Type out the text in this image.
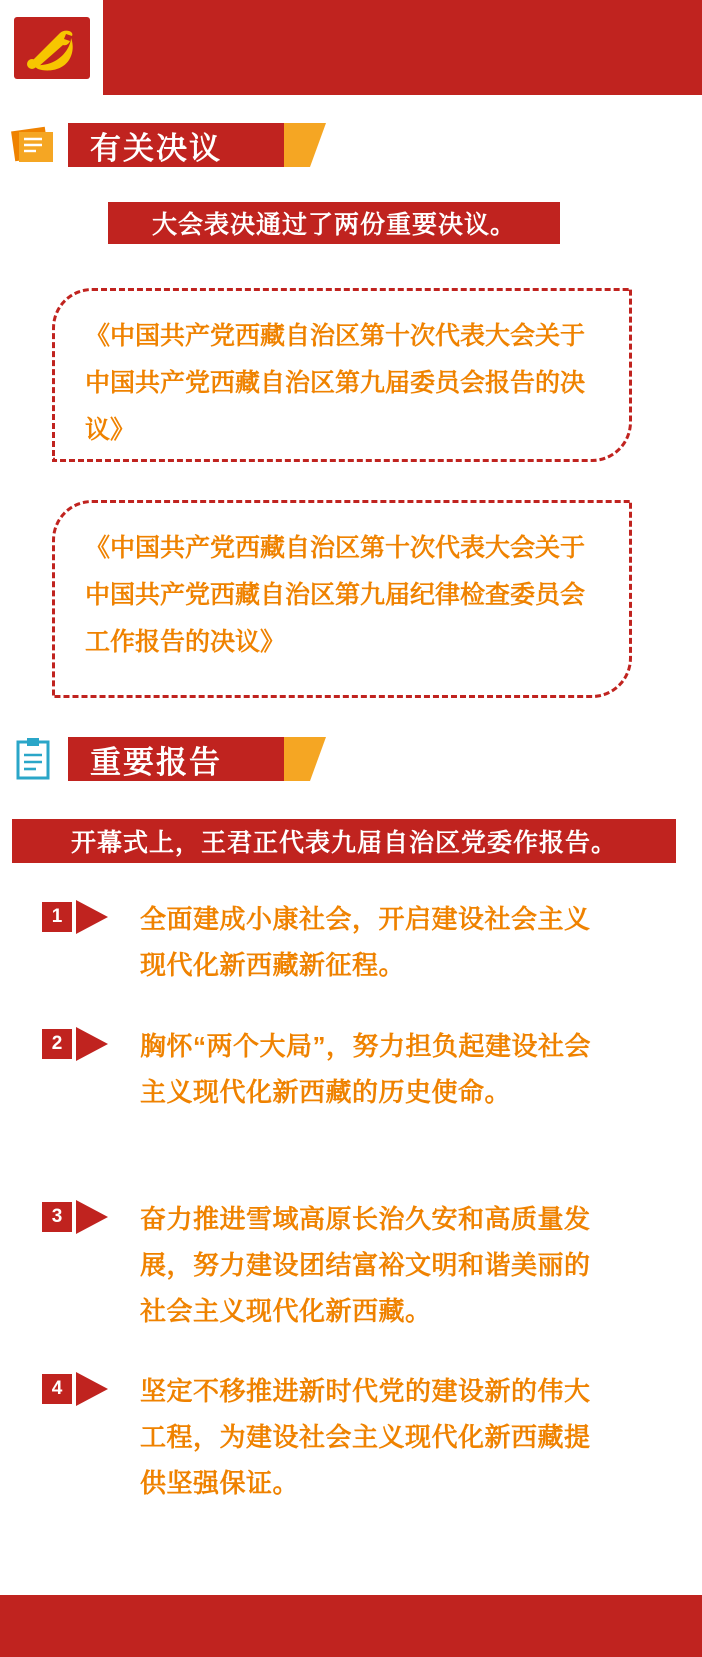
有关决议
大会表决通过了两份重要决议。
《中国共产党西藏自治区第十次代表大会关于中国共产党西藏自治区第九届委员会报告的决议》
《中国共产党西藏自治区第十次代表大会关于中国共产党西藏自治区第九届纪律检查委员会工作报告的决议》
重要报告
开幕式上，王君正代表九届自治区党委作报告。
1	全面建成小康社会，开启建设社会主义现代化新西藏新征程。
2	胸怀“两个大局”，努力担负起建设社会主义现代化新西藏的历史使命。
3	奋力推进雪域高原长治久安和高质量发展，努力建设团结富裕文明和谐美丽的社会主义现代化新西藏。
4	坚定不移推进新时代党的建设新的伟大工程，为建设社会主义现代化新西藏提供坚强保证。
